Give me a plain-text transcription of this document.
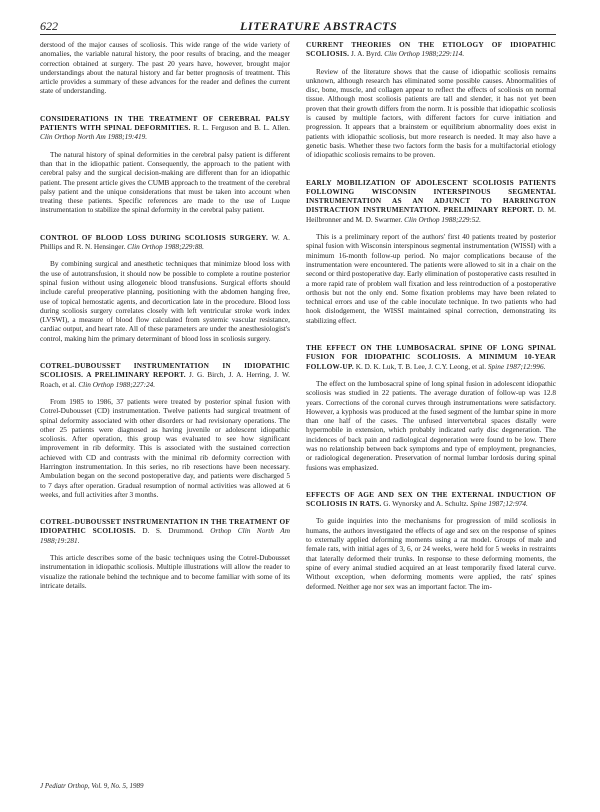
622	LITERATURE ABSTRACTS

derstood of the major causes of scoliosis. This wide range of the wide variety of anomalies, the variable natural history, the poor results of bracing, and the meager correction obtained at surgery. The past 20 years have, however, brought major understandings about the natural history and far better prognosis of treatment. This article provides a summary of these advances for the reader and defines the current state of understanding.

CONSIDERATIONS IN THE TREATMENT OF CEREBRAL PALSY PATIENTS WITH SPINAL DEFORMITIES. R. L. Ferguson and B. L. Allen. Clin Orthop North Am 1988;19:419.

The natural history of spinal deformities in the cerebral palsy patient is different than that in the idiopathic patient. Consequently, the approach to the patient with cerebral palsy and the surgical decision-making are different than for an idiopathic patient. The present article gives the CUMB approach to the treatment of the cerebral palsy patient and the unique considerations that must be taken into account when treating these patients. Specific references are made to the use of Luque instrumentation to stabilize the spinal deformity in the cerebral palsy patient.

CONTROL OF BLOOD LOSS DURING SCOLIOSIS SURGERY. W. A. Phillips and R. N. Hensinger. Clin Orthop 1988;229:88.

By combining surgical and anesthetic techniques that minimize blood loss with the use of autotransfusion, it should now be possible to complete a routine posterior spinal fusion without using allogeneic blood transfusions. Surgical efforts should include careful preoperative planning, positioning with the abdomen hanging free, use of topical hemostatic agents, and decortication late in the procedure. Blood loss during scoliosis surgery correlates closely with left ventricular stroke work index (LVSWI), a measure of blood flow calculated from systemic vascular resistance, cardiac output, and heart rate. All of these parameters are under the anesthesiologist's control, making him the primary determinant of blood loss in scoliosis surgery.

COTREL-DUBOUSSET INSTRUMENTATION IN IDIOPATHIC SCOLIOSIS. A PRELIMINARY REPORT. J. G. Birch, J. A. Herring, J. W. Roach, et al. Clin Orthop 1988;227:24.

From 1985 to 1986, 37 patients were treated by posterior spinal fusion with Cotrel-Dubousset (CD) instrumentation. Twelve patients had surgical treatment of spinal deformity associated with other disorders or had revisionary operations. The other 25 patients were diagnosed as having juvenile or adolescent idiopathic scoliosis. After operation, this group was evaluated to see how significant improvement in rib deformity. This is associated with the sustained correction achieved with CD and contrasts with the minimal rib deformity correction with Harrington instrumentation. In this series, no rib resections have been necessary. Ambulation began on the second postoperative day, and patients were discharged 5 to 7 days after operation. Gradual resumption of normal activities was allowed at 6 weeks, and full activities after 3 months.

COTREL-DUBOUSSET INSTRUMENTATION IN THE TREATMENT OF IDIOPATHIC SCOLIOSIS. D. S. Drummond. Orthop Clin North Am 1988;19:281.

This article describes some of the basic techniques using the Cotrel-Dubousset instrumentation in idiopathic scoliosis. Multiple illustrations will allow the reader to visualize the rationale behind the technique and to become familiar with some of its intricate details.

CURRENT THEORIES ON THE ETIOLOGY OF IDIOPATHIC SCOLIOSIS. J. A. Byrd. Clin Orthop 1988;229:114.

Review of the literature shows that the cause of idiopathic scoliosis remains unknown, although research has eliminated some possible causes. Abnormalities of disc, bone, muscle, and collagen appear to reflect the effects of scoliosis on normal tissue. Although most scoliosis patients are tall and slender, it has not yet been proven that their growth differs from the norm. It is possible that idiopathic scoliosis is caused by multiple factors, with different factors for curve initiation and progression. It appears that a brainstem or equilibrium abnormality does exist in patients with idiopathic scoliosis, but more research is needed. It may also have a genetic basis. Whether these two factors form the basis for a multifactorial etiology of idiopathic scoliosis remains to be proven.

EARLY MOBILIZATION OF ADOLESCENT SCOLIOSIS PATIENTS FOLLOWING WISCONSIN INTERSPINOUS SEGMENTAL INSTRUMENTATION AS AN ADJUNCT TO HARRINGTON DISTRACTION INSTRUMENTATION. PRELIMINARY REPORT. D. M. Heilbronner and M. D. Swarmer. Clin Orthop 1988;229:52.

This is a preliminary report of the authors' first 40 patients treated by posterior spinal fusion with Wisconsin interspinous segmental instrumentation (WISSI) with a minimum 16-month follow-up period. No major complications because of the instrumentation were encountered. The patients were allowed to sit in a chair on the second or third postoperative day. Early elimination of postoperative casts resulted in a more rapid rate of problem wall fixation and less reintroduction of a postoperative orthosis but not the only end. Some fixation problems may have been related to technical errors and use of the cable inoculate technique. In two patients who had hook dislodgement, the WISSI maintained spinal correction, demonstrating its stabilizing effect.

THE EFFECT ON THE LUMBOSACRAL SPINE OF LONG SPINAL FUSION FOR IDIOPATHIC SCOLIOSIS. A MINIMUM 10-YEAR FOLLOW-UP. K. D. K. Luk, T. B. Lee, J. C.Y. Leong, et al. Spine 1987;12:996.

The effect on the lumbosacral spine of long spinal fusion in adolescent idiopathic scoliosis was studied in 22 patients. The average duration of follow-up was 12.8 years. Corrections of the coronal curves through instrumentations were satisfactory. However, a kyphosis was produced at the fused segment of the lumbar spine in more than one half of the cases. The unfused intervertebral spaces distally were hypermobile in extension, which probably indicated early disc degeneration. The incidences of back pain and radiological degeneration were found to be low. There was no relationship between back symptoms and type of employment, pregnancies, or radiological degeneration. Preservation of normal lumbar lordosis during spinal fusions was emphasized.

EFFECTS OF AGE AND SEX ON THE EXTERNAL INDUCTION OF SCOLIOSIS IN RATS. G. Wynorsky and A. Schultz. Spine 1987;12:974.

To guide inquiries into the mechanisms for progression of mild scoliosis in humans, the authors investigated the effects of age and sex on the response of spines to externally applied deforming moments using a rat model. Groups of male and female rats, with initial ages of 3, 6, or 24 weeks, were held for 5 weeks in restraints that laterally deformed their trunks. In response to these deforming moments, the spine of every animal studied acquired an at least temporarily fixed lateral curve. Without exception, when deforming moments were applied, the rats' spines deformed. Neither age nor sex was an important factor. The im-

J Pediatr Orthop, Vol. 9, No. 5, 1989
